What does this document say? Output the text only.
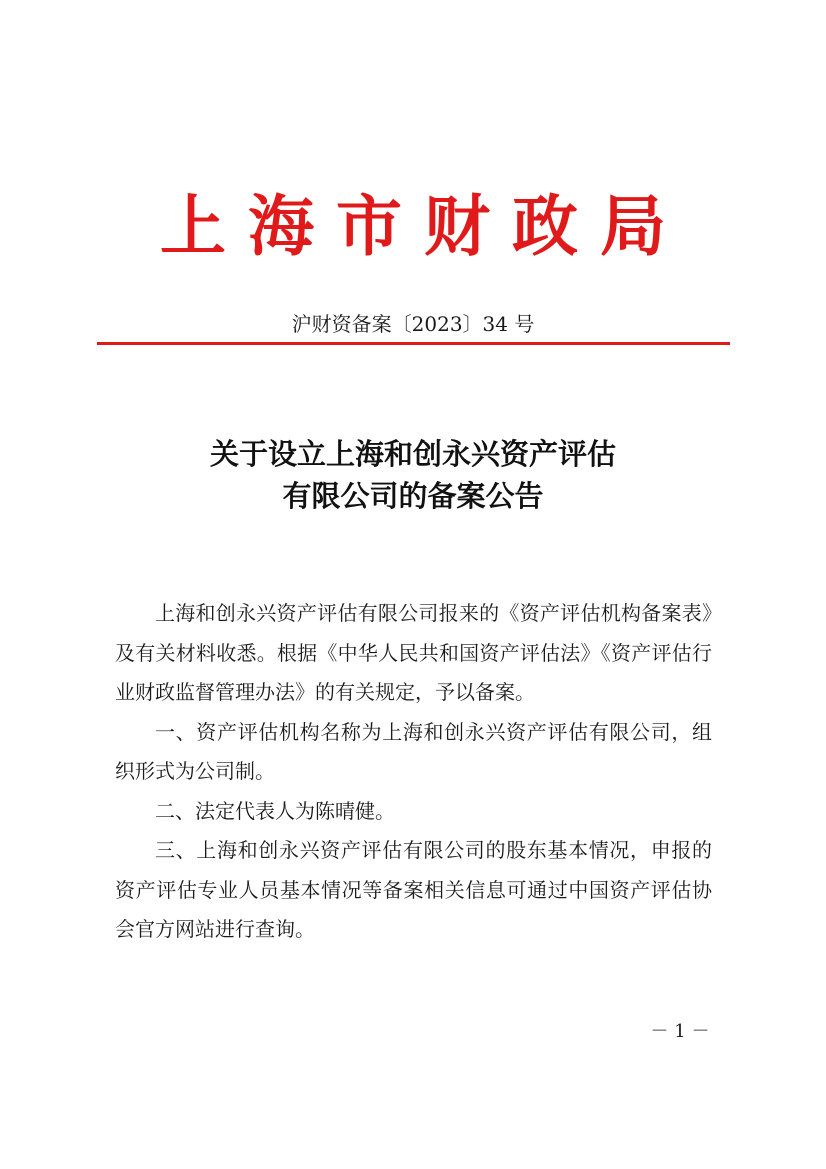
上海市财政局
沪财资备案〔2023〕34 号
关于设立上海和创永兴资产评估
有限公司的备案公告

上海和创永兴资产评估有限公司报来的《资产评估机构备案表》及有关材料收悉。根据《中华人民共和国资产评估法》《资产评估行业财政监督管理办法》的有关规定，予以备案。

一、资产评估机构名称为上海和创永兴资产评估有限公司，组织形式为公司制。

二、法定代表人为陈晴健。

三、上海和创永兴资产评估有限公司的股东基本情况，申报的资产评估专业人员基本情况等备案相关信息可通过中国资产评估协会官方网站进行查询。

－ 1 －
